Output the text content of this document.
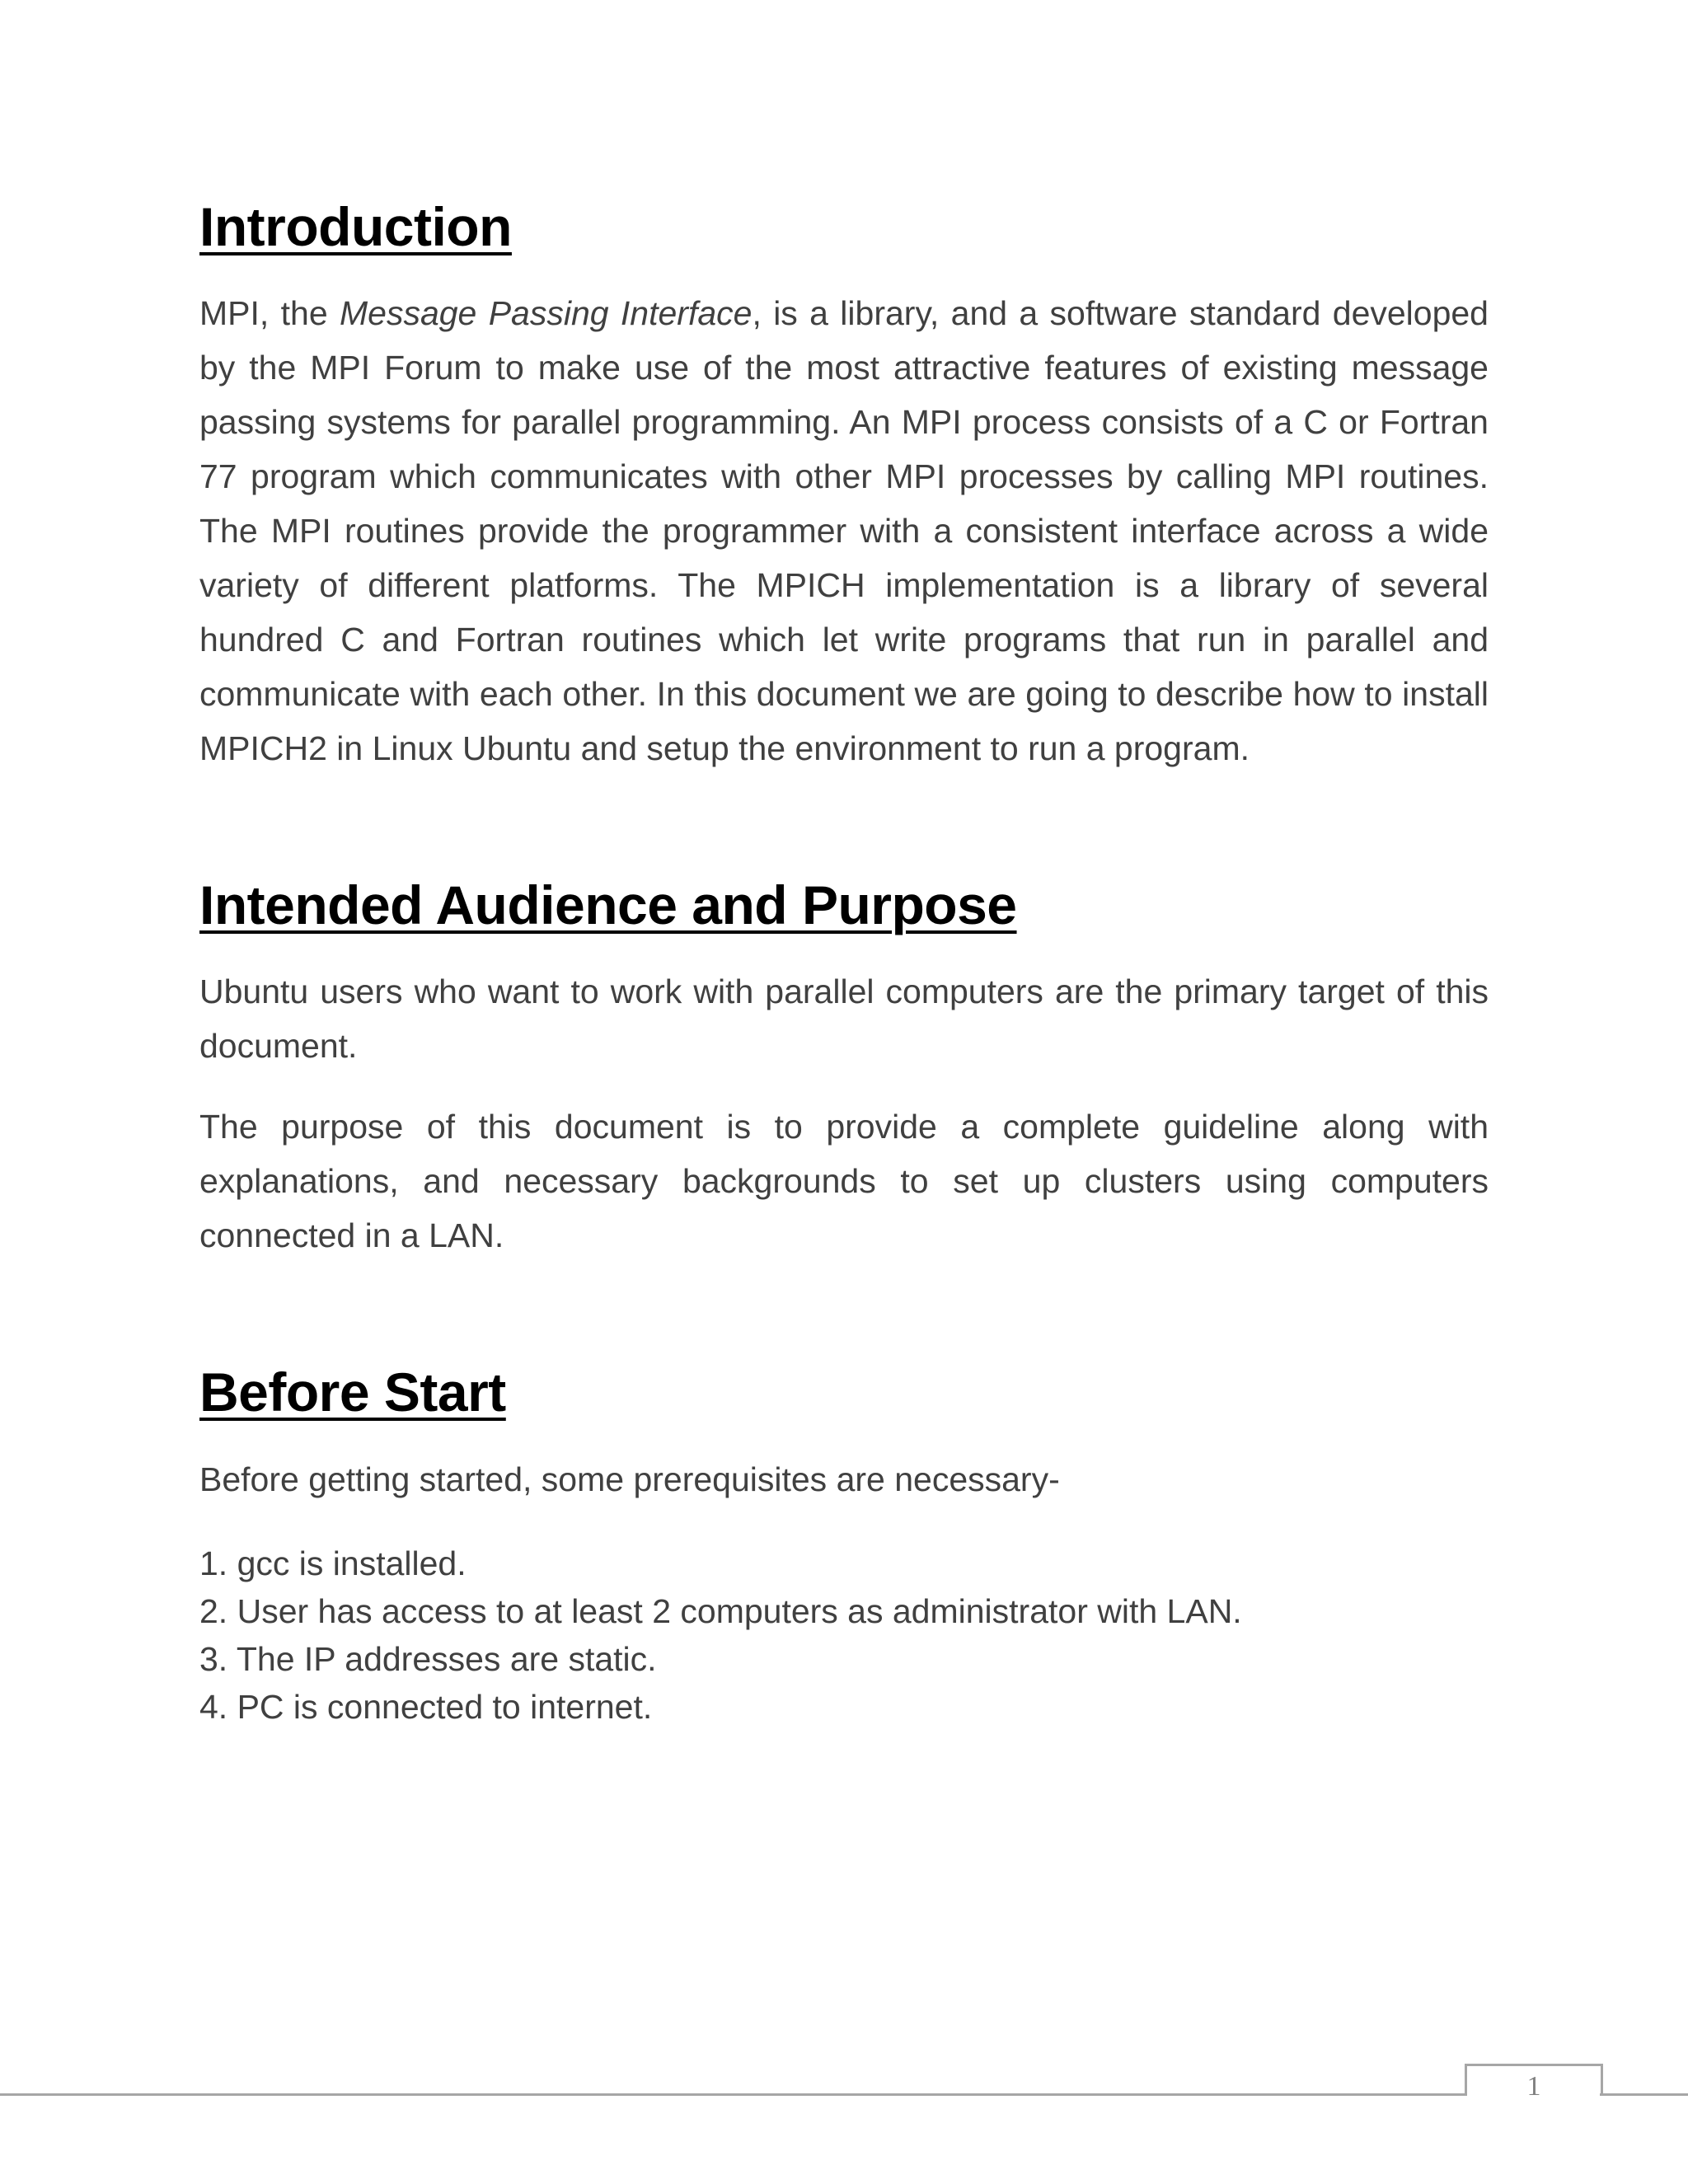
Introduction

MPI, the Message Passing Interface, is a library, and a software standard developed by the MPI Forum to make use of the most attractive features of existing message passing systems for parallel programming. An MPI process consists of a C or Fortran 77 program which communicates with other MPI processes by calling MPI routines. The MPI routines provide the programmer with a consistent interface across a wide variety of different platforms. The MPICH implementation is a library of several hundred C and Fortran routines which let write programs that run in parallel and communicate with each other. In this document we are going to describe how to install MPICH2 in Linux Ubuntu and setup the environment to run a program.

Intended Audience and Purpose

Ubuntu users who want to work with parallel computers are the primary target of this document.

The purpose of this document is to provide a complete guideline along with explanations, and necessary backgrounds to set up clusters using computers connected in a LAN.

Before Start

Before getting started, some prerequisites are necessary-

1. gcc is installed.
2. User has access to at least 2 computers as administrator with LAN.
3. The IP addresses are static.
4. PC is connected to internet.
1
